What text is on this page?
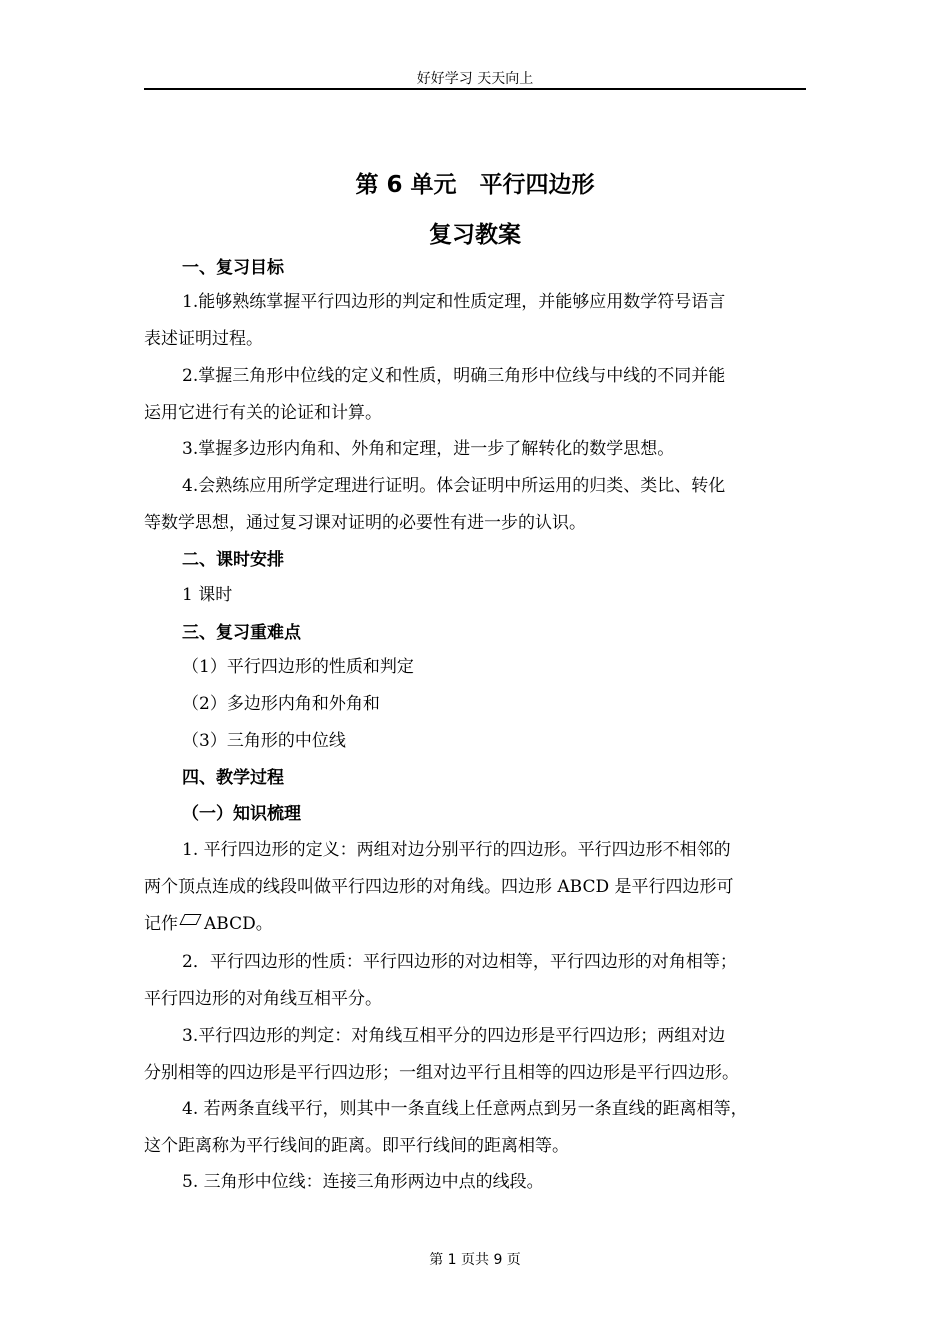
好好学习 天天向上
第 6 单元　平行四边形
复习教案
一、复习目标
1.能够熟练掌握平行四边形的判定和性质定理，并能够应用数学符号语言
表述证明过程。
2.掌握三角形中位线的定义和性质，明确三角形中位线与中线的不同并能
运用它进行有关的论证和计算。
3.掌握多边形内角和、外角和定理，进一步了解转化的数学思想。
4.会熟练应用所学定理进行证明。体会证明中所运用的归类、类比、转化
等数学思想，通过复习课对证明的必要性有进一步的认识。
二、课时安排
1 课时
三、复习重难点
（1）平行四边形的性质和判定
（2）多边形内角和外角和
（3）三角形的中位线
四、教学过程
（一）知识梳理
1. 平行四边形的定义：两组对边分别平行的四边形。平行四边形不相邻的
两个顶点连成的线段叫做平行四边形的对角线。四边形 ABCD 是平行四边形可
记作 ABCD。
2．平行四边形的性质：平行四边形的对边相等，平行四边形的对角相等；
平行四边形的对角线互相平分。
3.平行四边形的判定：对角线互相平分的四边形是平行四边形；两组对边
分别相等的四边形是平行四边形；一组对边平行且相等的四边形是平行四边形。
4. 若两条直线平行，则其中一条直线上任意两点到另一条直线的距离相等，
这个距离称为平行线间的距离。即平行线间的距离相等。
5. 三角形中位线：连接三角形两边中点的线段。
第 1 页共 9 页
